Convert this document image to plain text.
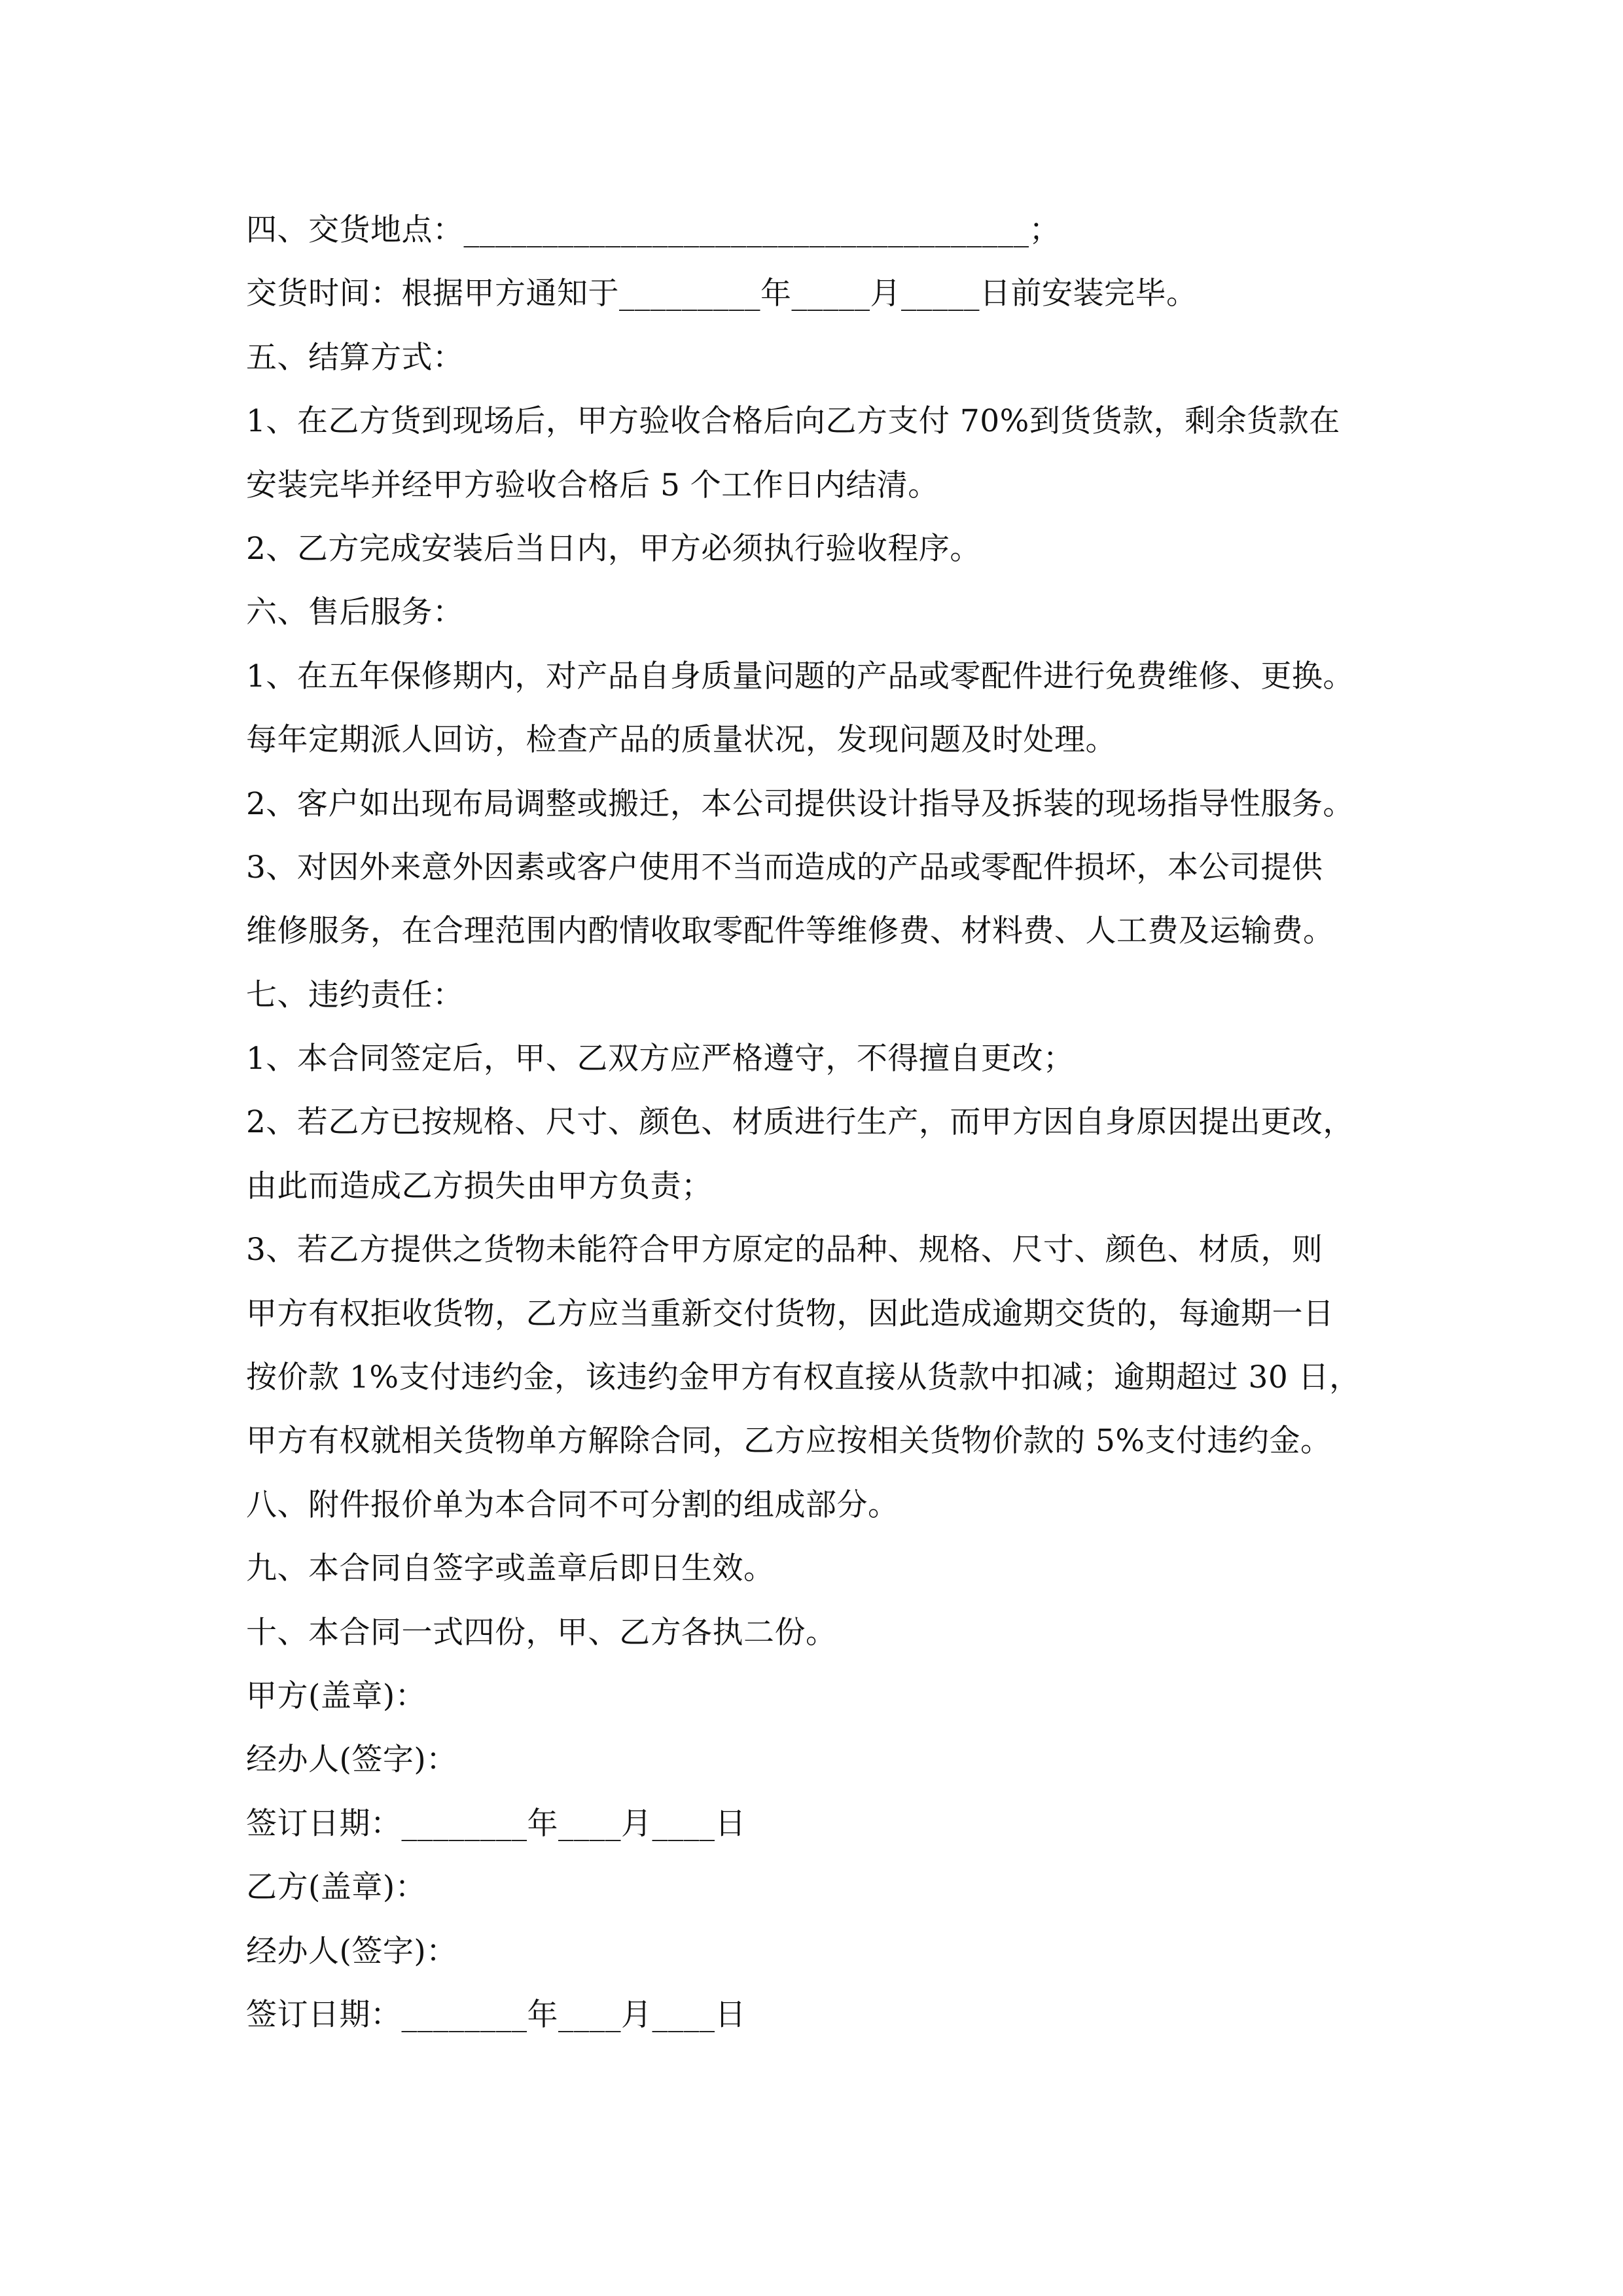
四、交货地点：____________________________________；
交货时间：根据甲方通知于_________年_____月_____日前安装完毕。
五、结算方式：
1、在乙方货到现场后，甲方验收合格后向乙方支付 70%到货货款，剩余货款在
安装完毕并经甲方验收合格后 5 个工作日内结清。
2、乙方完成安装后当日内，甲方必须执行验收程序。
六、售后服务：
1、在五年保修期内，对产品自身质量问题的产品或零配件进行免费维修、更换。
每年定期派人回访，检查产品的质量状况，发现问题及时处理。
2、客户如出现布局调整或搬迁，本公司提供设计指导及拆装的现场指导性服务。
3、对因外来意外因素或客户使用不当而造成的产品或零配件损坏，本公司提供
维修服务，在合理范围内酌情收取零配件等维修费、材料费、人工费及运输费。
七、违约责任：
1、本合同签定后，甲、乙双方应严格遵守，不得擅自更改；
2、若乙方已按规格、尺寸、颜色、材质进行生产，而甲方因自身原因提出更改，
由此而造成乙方损失由甲方负责；
3、若乙方提供之货物未能符合甲方原定的品种、规格、尺寸、颜色、材质，则
甲方有权拒收货物，乙方应当重新交付货物，因此造成逾期交货的，每逾期一日
按价款 1%支付违约金，该违约金甲方有权直接从货款中扣减；逾期超过 30 日，
甲方有权就相关货物单方解除合同，乙方应按相关货物价款的 5%支付违约金。
八、附件报价单为本合同不可分割的组成部分。
九、本合同自签字或盖章后即日生效。
十、本合同一式四份，甲、乙方各执二份。
甲方(盖章)：
经办人(签字)：
签订日期：________年____月____日
乙方(盖章)：
经办人(签字)：
签订日期：________年____月____日
